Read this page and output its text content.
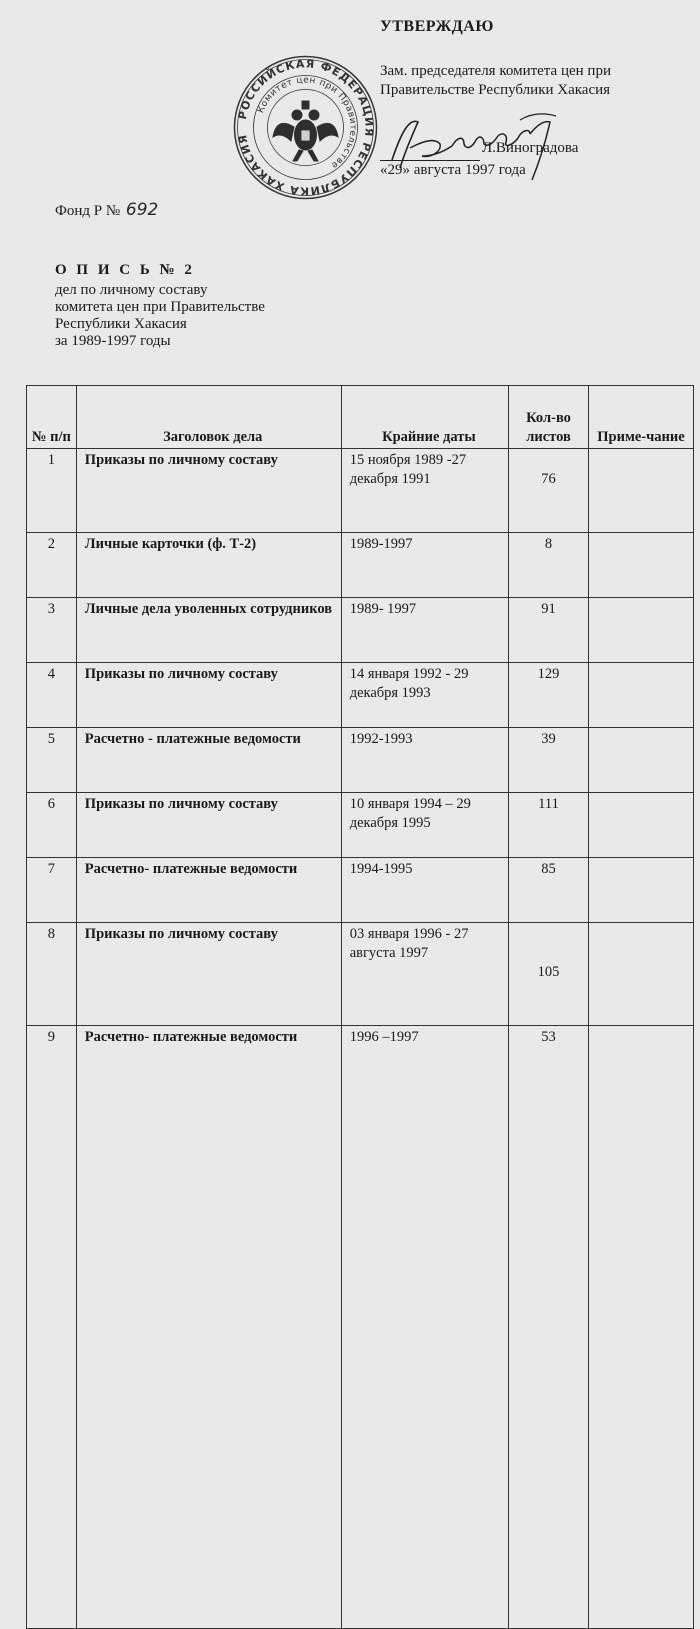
УТВЕРЖДАЮ
Зам. председателя комитета цен при Правительстве Республики Хакасия
Л.Виноградова
«29» августа 1997 года
РОССИЙСКАЯ ФЕДЕРАЦИЯ РЕСПУБЛИКА ХАКАСИЯ
Комитет цен при Правительстве
Фонд Р № 692
О П И С Ь № 2
дел по личному составу
комитета цен при Правительстве
Республики Хакасия
за 1989-1997 годы
№ п/п	Заголовок дела	Крайние даты	Кол-во листов	Приме-чание
1	Приказы по личному составу	15 ноября 1989 -27 декабря 1991	76	
2	Личные карточки (ф. Т-2)	1989-1997	8	
3	Личные дела уволенных сотрудников	1989- 1997	91	
4	Приказы по личному составу	14 января 1992 - 29 декабря 1993	129	
5	Расчетно - платежные ведомости	1992-1993	39	
6	Приказы по личному составу	10 января 1994 – 29 декабря 1995	111	
7	Расчетно- платежные ведомости	1994-1995	85	
8	Приказы по личному составу	03 января 1996 - 27 августа 1997	105	
9	Расчетно- платежные ведомости	1996 –1997	53	
